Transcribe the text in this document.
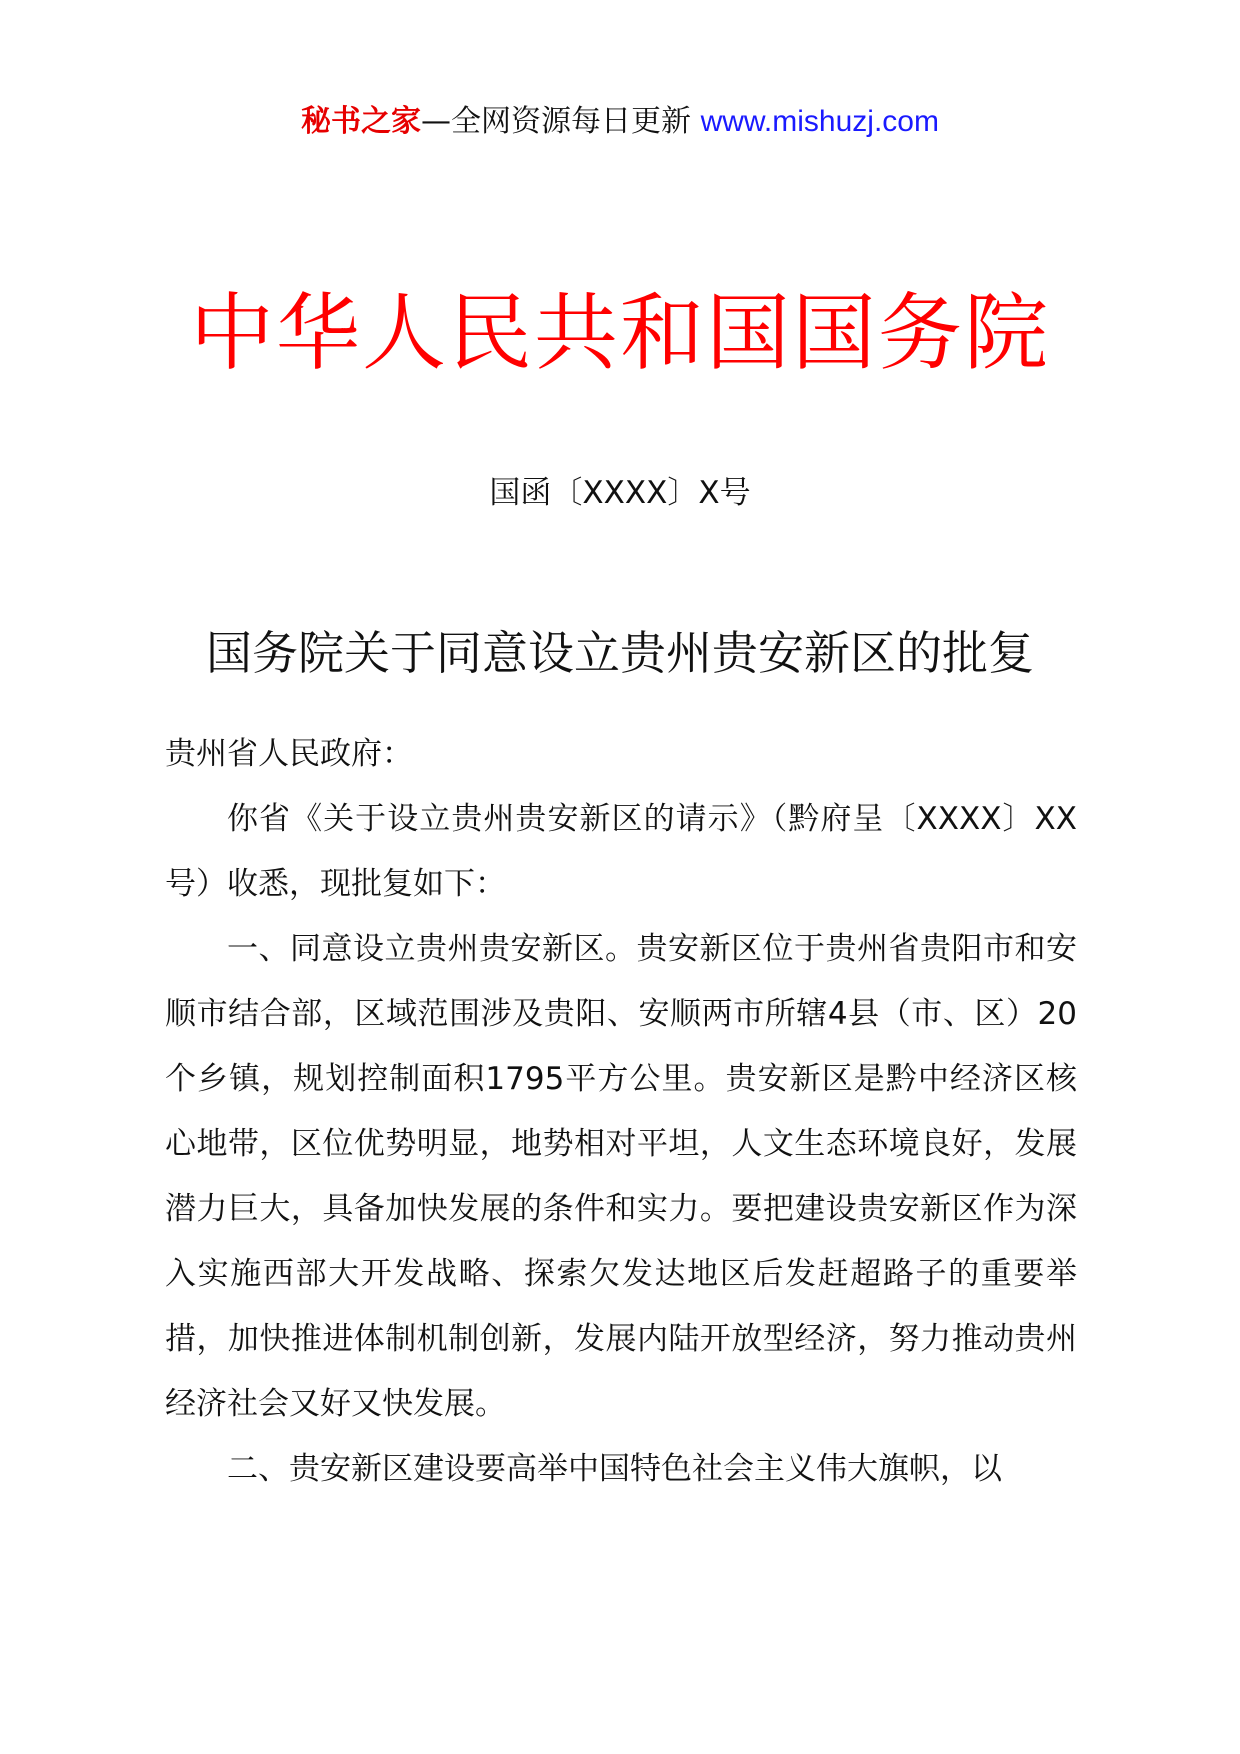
秘书之家—全网资源每日更新 www.mishuzj.com
中华人民共和国国务院
国函〔XXXX〕X号
国务院关于同意设立贵州贵安新区的批复

贵州省人民政府：

你省《关于设立贵州贵安新区的请示》（黔府呈〔XXXX〕XX号）收悉，现批复如下：

一、同意设立贵州贵安新区。贵安新区位于贵州省贵阳市和安顺市结合部，区域范围涉及贵阳、安顺两市所辖4县（市、区）20个乡镇，规划控制面积1795平方公里。贵安新区是黔中经济区核心地带，区位优势明显，地势相对平坦，人文生态环境良好，发展潜力巨大，具备加快发展的条件和实力。要把建设贵安新区作为深入实施西部大开发战略、探索欠发达地区后发赶超路子的重要举措，加快推进体制机制创新，发展内陆开放型经济，努力推动贵州经济社会又好又快发展。

二、贵安新区建设要高举中国特色社会主义伟大旗帜，以
